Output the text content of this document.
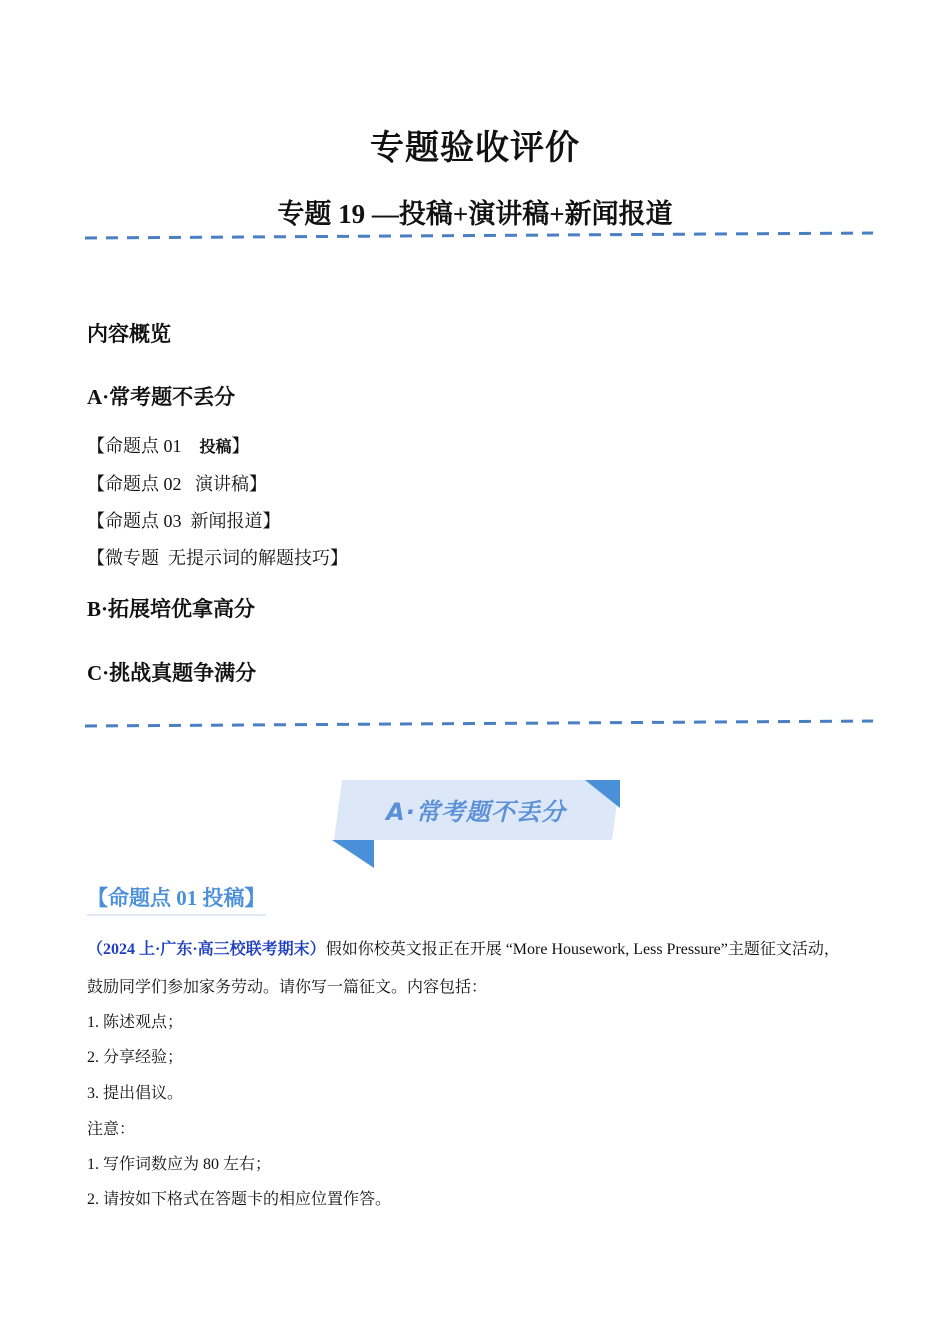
专题验收评价
专题 19 ––投稿+演讲稿+新闻报道
内容概览
A·常考题不丢分
【命题点 01 投稿】
【命题点 02 演讲稿】
【命题点 03 新闻报道】
【微专题 无提示词的解题技巧】
B·拓展培优拿高分
C·挑战真题争满分
A·常考题不丢分
【命题点 01 投稿】
（2024 上·广东·高三校联考期末）假如你校英文报正在开展 “More Housework, Less Pressure”主题征文活动，
鼓励同学们参加家务劳动。请你写一篇征文。内容包括：
1. 陈述观点；
2. 分享经验；
3. 提出倡议。
注意：
1. 写作词数应为 80 左右；
2. 请按如下格式在答题卡的相应位置作答。
